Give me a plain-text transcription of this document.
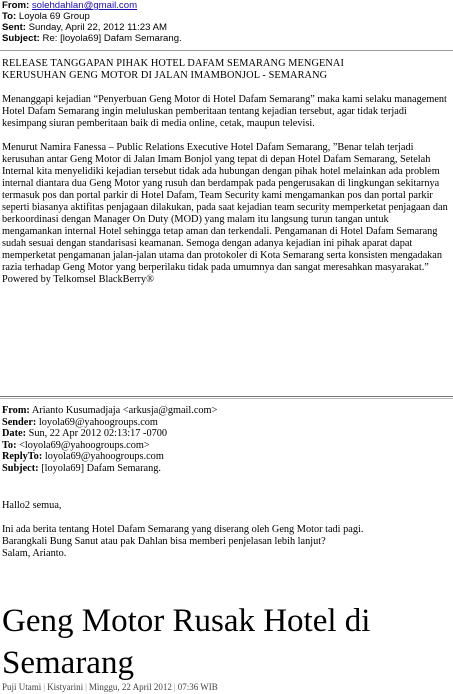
From: solehdahlan@gmail.com
To: Loyola 69 Group
Sent: Sunday, April 22, 2012 11:23 AM
Subject: Re: [loyola69] Dafam Semarang.

RELEASE TANGGAPAN PIHAK HOTEL DAFAM SEMARANG MENGENAI

KERUSUHAN GENG MOTOR DI JALAN IMAMBONJOL - SEMARANG

Menanggapi kejadian “Penyerbuan Geng Motor di Hotel Dafam Semarang” maka kami selaku management Hotel Dafam Semarang ingin meluluskan pemberitaan tentang kejadian tersebut, agar tidak terjadi kesimpang siuran pemberitaan baik di media online, cetak, maupun televisi.

Menurut Namira Fanessa – Public Relations Executive Hotel Dafam Semarang, ”Benar telah terjadi kerusuhan antar Geng Motor di Jalan Imam Bonjol yang tepat di depan Hotel Dafam Semarang, Setelah Internal kita menyelidiki kejadian tersebut tidak ada hubungan dengan pihak hotel melainkan ada problem internal diantara dua Geng Motor yang rusuh dan berdampak pada pengerusakan di lingkungan sekitarnya termasuk pos dan portal parkir di Hotel Dafam, Team Security kami mengamankan pos dan portal parkir seperti biasanya aktifitas penjagaan dilakukan, pada saat kejadian team security memperketat penjagaan dan berkoordinasi dengan Manager On Duty (MOD) yang malam itu langsung turun tangan untuk mengamankan internal Hotel sehingga tetap aman dan terkendali. Pengamanan di Hotel Dafam Semarang sudah sesuai dengan standarisasi keamanan. Semoga dengan adanya kejadian ini pihak aparat dapat memperketat pengamanan jalan-jalan utama dan protokoler di Kota Semarang serta konsisten mengadakan razia terhadap Geng Motor yang berperilaku tidak pada umumnya dan sangat meresahkan masyarakat.”

Powered by Telkomsel BlackBerry®

From: Arianto Kusumadjaja <arkusja@gmail.com>
Sender: loyola69@yahoogroups.com
Date: Sun, 22 Apr 2012 02:13:17 -0700
To: <loyola69@yahoogroups.com>
ReplyTo: loyola69@yahoogroups.com
Subject: [loyola69] Dafam Semarang.

Hallo2 semua,

Ini ada berita tentang Hotel Dafam Semarang yang diserang oleh Geng Motor tadi pagi.

Barangkali Bung Sanut atau pak Dahlan bisa memberi penjelasan lebih lanjut?

Salam, Arianto.

Geng Motor Rusak Hotel di
Semarang
Puji Utami | Kistyarini | Minggu, 22 April 2012 | 07:36 WIB
